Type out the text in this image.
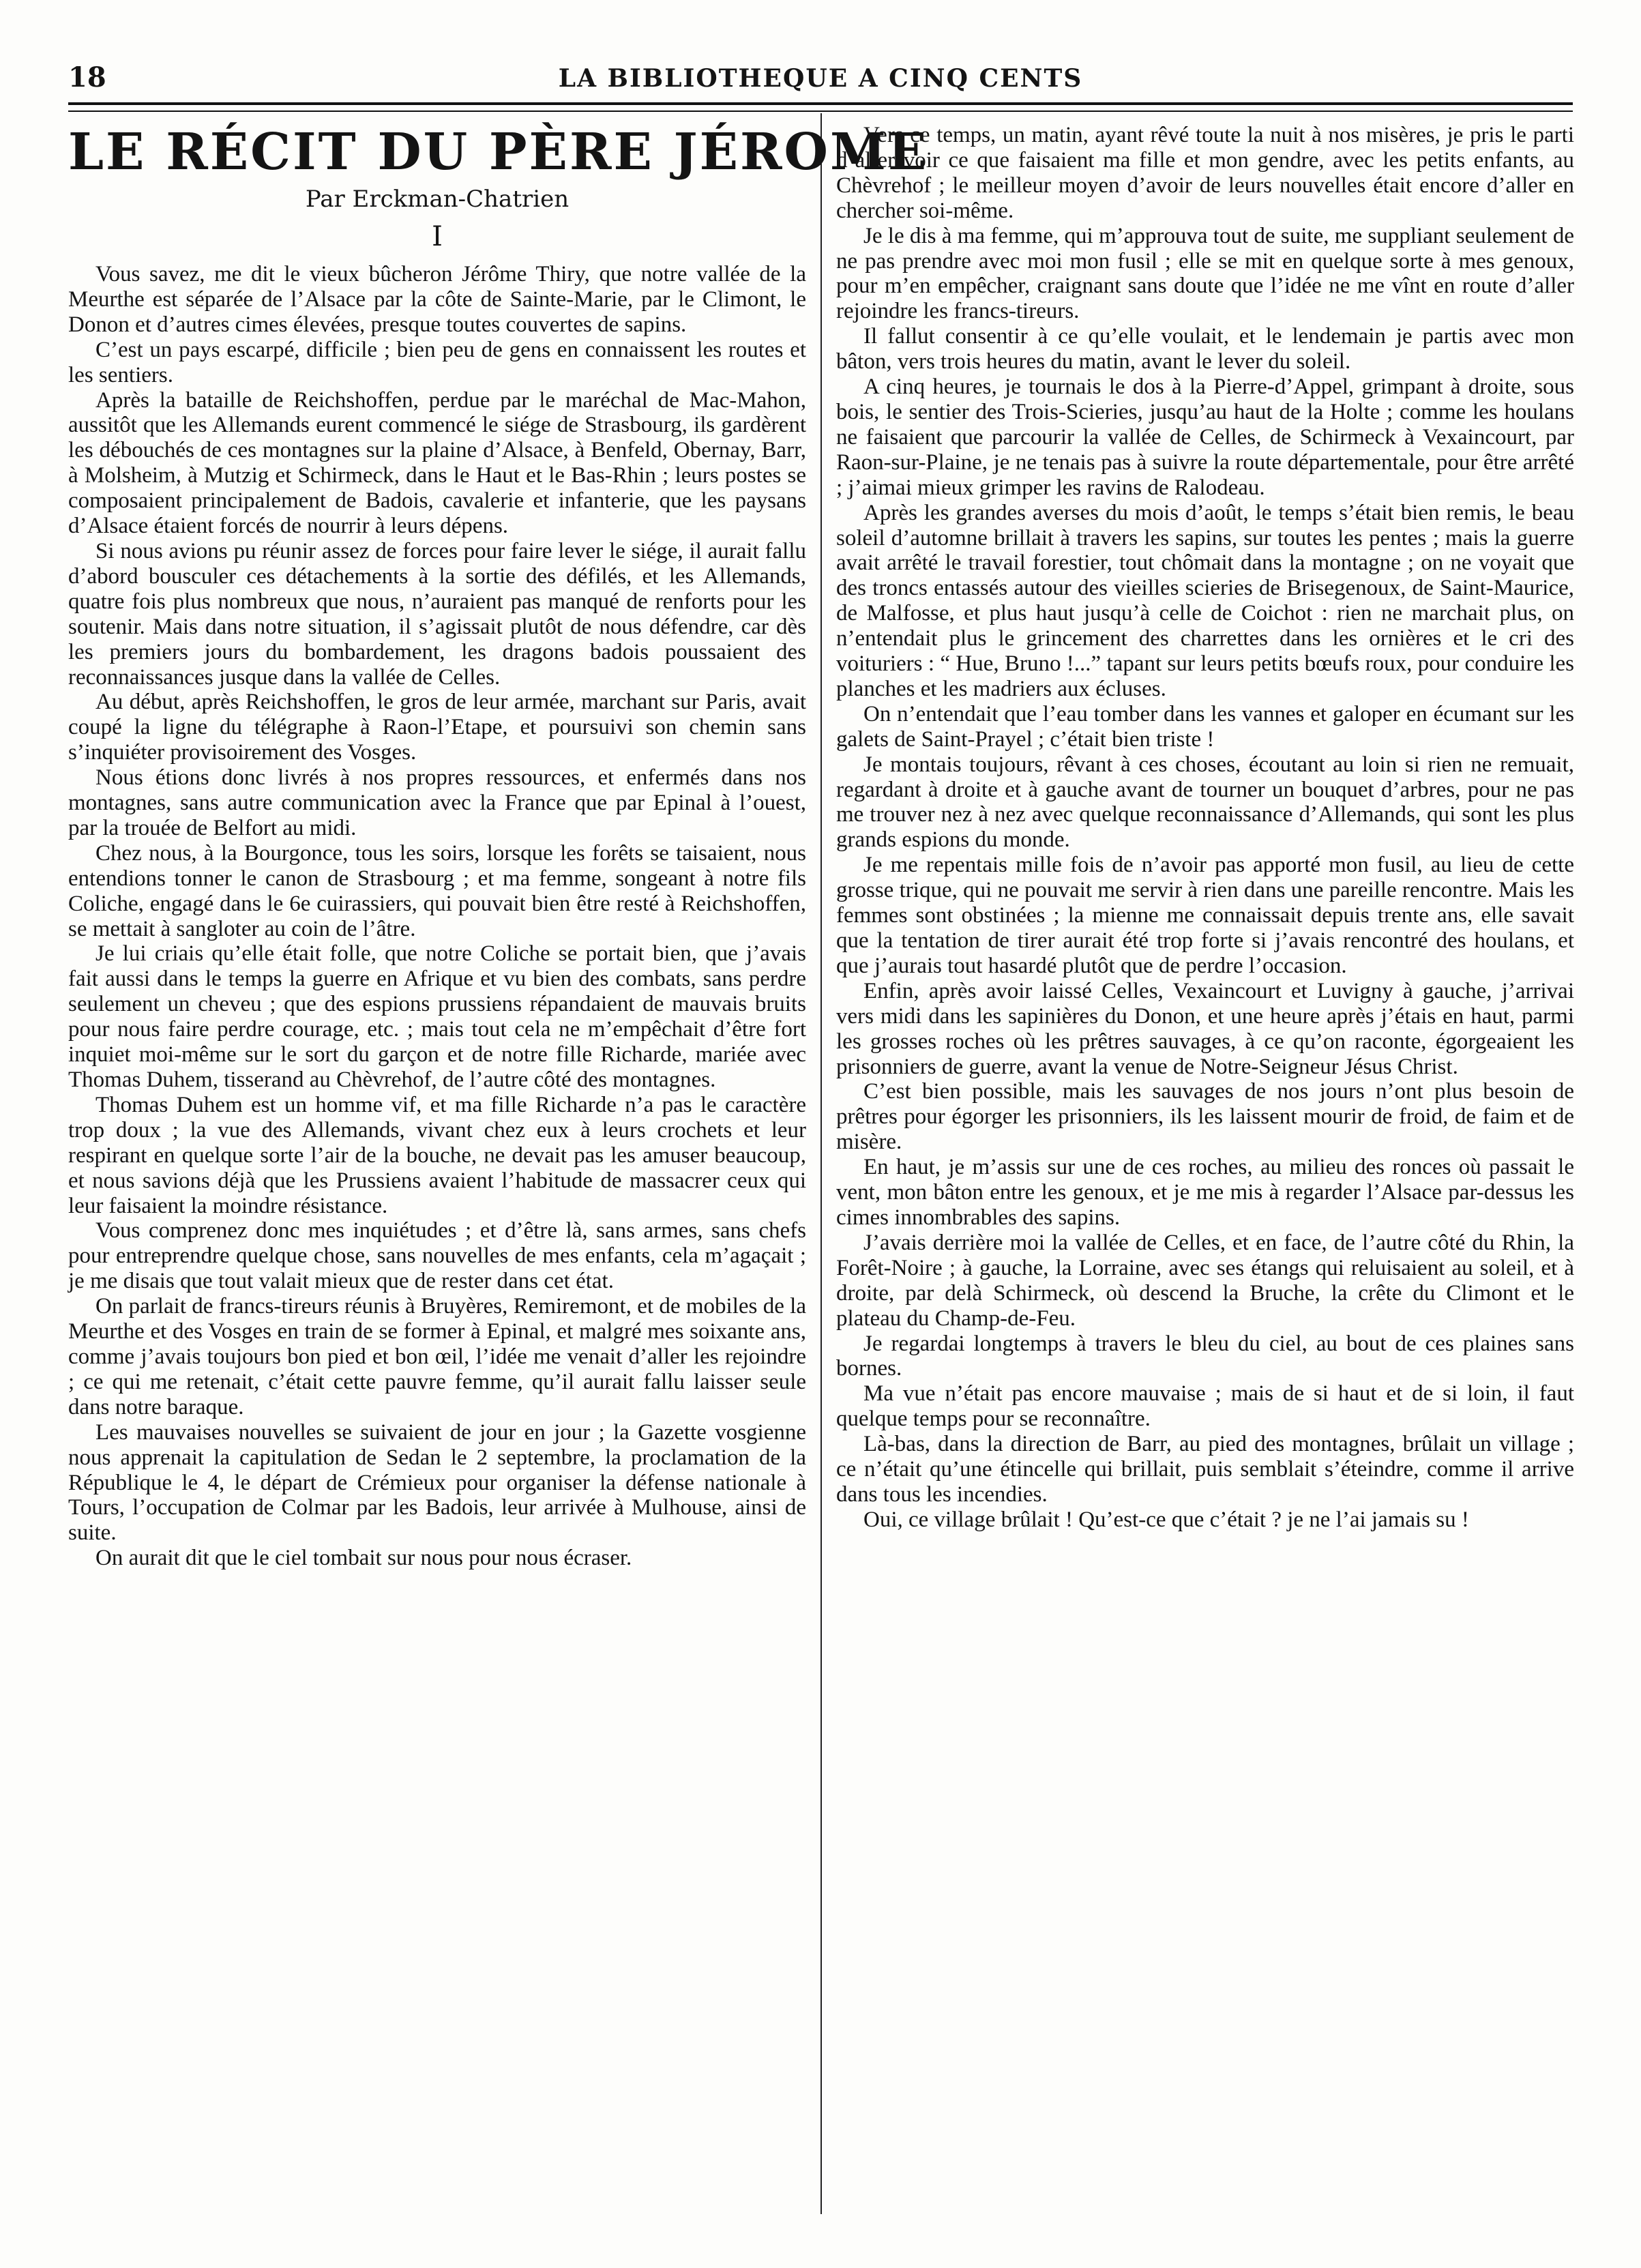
18	LA BIBLIOTHEQUE A CINQ CENTS
LE RÉCIT DU PÈRE JÉROME
Par Erckman-Chatrien
I

Vous savez, me dit le vieux bûcheron Jérôme Thiry, que notre vallée de la Meurthe est séparée de l’Alsace par la côte de Sainte-Marie, par le Climont, le Donon et d’autres cimes élevées, presque toutes couvertes de sapins.

C’est un pays escarpé, difficile ; bien peu de gens en connaissent les routes et les sentiers.

Après la bataille de Reichshoffen, perdue par le maréchal de Mac-Mahon, aussitôt que les Allemands eurent commencé le siége de Strasbourg, ils gardèrent les débouchés de ces montagnes sur la plaine d’Alsace, à Benfeld, Obernay, Barr, à Molsheim, à Mutzig et Schirmeck, dans le Haut et le Bas-Rhin ; leurs postes se composaient principalement de Badois, cavalerie et infanterie, que les paysans d’Alsace étaient forcés de nourrir à leurs dépens.

Si nous avions pu réunir assez de forces pour faire lever le siége, il aurait fallu d’abord bousculer ces détachements à la sortie des défilés, et les Allemands, quatre fois plus nombreux que nous, n’auraient pas manqué de renforts pour les soutenir. Mais dans notre situation, il s’agissait plutôt de nous défendre, car dès les premiers jours du bombardement, les dragons badois poussaient des reconnaissances jusque dans la vallée de Celles.

Au début, après Reichshoffen, le gros de leur armée, marchant sur Paris, avait coupé la ligne du télégraphe à Raon-l’Etape, et poursuivi son chemin sans s’inquiéter provisoirement des Vosges.

Nous étions donc livrés à nos propres ressources, et enfermés dans nos montagnes, sans autre communication avec la France que par Epinal à l’ouest, par la trouée de Belfort au midi.

Chez nous, à la Bourgonce, tous les soirs, lorsque les forêts se taisaient, nous entendions tonner le canon de Strasbourg ; et ma femme, songeant à notre fils Coliche, engagé dans le 6e cuirassiers, qui pouvait bien être resté à Reichshoffen, se mettait à sangloter au coin de l’âtre.

Je lui criais qu’elle était folle, que notre Coliche se portait bien, que j’avais fait aussi dans le temps la guerre en Afrique et vu bien des combats, sans perdre seulement un cheveu ; que des espions prussiens répandaient de mauvais bruits pour nous faire perdre courage, etc. ; mais tout cela ne m’empêchait d’être fort inquiet moi-même sur le sort du garçon et de notre fille Richarde, mariée avec Thomas Duhem, tisserand au Chèvrehof, de l’autre côté des montagnes.

Thomas Duhem est un homme vif, et ma fille Richarde n’a pas le caractère trop doux ; la vue des Allemands, vivant chez eux à leurs crochets et leur respirant en quelque sorte l’air de la bouche, ne devait pas les amuser beaucoup, et nous savions déjà que les Prussiens avaient l’habitude de massacrer ceux qui leur faisaient la moindre résistance.

Vous comprenez donc mes inquiétudes ; et d’être là, sans armes, sans chefs pour entreprendre quelque chose, sans nouvelles de mes enfants, cela m’agaçait ; je me disais que tout valait mieux que de rester dans cet état.

On parlait de francs-tireurs réunis à Bruyères, Remiremont, et de mobiles de la Meurthe et des Vosges en train de se former à Epinal, et malgré mes soixante ans, comme j’avais toujours bon pied et bon œil, l’idée me venait d’aller les rejoindre ; ce qui me retenait, c’était cette pauvre femme, qu’il aurait fallu laisser seule dans notre baraque.

Les mauvaises nouvelles se suivaient de jour en jour ; la Gazette vosgienne nous apprenait la capitulation de Sedan le 2 septembre, la proclamation de la République le 4, le départ de Crémieux pour organiser la défense nationale à Tours, l’occupation de Colmar par les Badois, leur arrivée à Mulhouse, ainsi de suite.

On aurait dit que le ciel tombait sur nous pour nous écraser.

Vers ce temps, un matin, ayant rêvé toute la nuit à nos misères, je pris le parti d’aller voir ce que faisaient ma fille et mon gendre, avec les petits enfants, au Chèvrehof ; le meilleur moyen d’avoir de leurs nouvelles était encore d’aller en chercher soi-même.

Je le dis à ma femme, qui m’approuva tout de suite, me suppliant seulement de ne pas prendre avec moi mon fusil ; elle se mit en quelque sorte à mes genoux, pour m’en empêcher, craignant sans doute que l’idée ne me vînt en route d’aller rejoindre les francs-tireurs.

Il fallut consentir à ce qu’elle voulait, et le lendemain je partis avec mon bâton, vers trois heures du matin, avant le lever du soleil.

A cinq heures, je tournais le dos à la Pierre-d’Appel, grimpant à droite, sous bois, le sentier des Trois-Scieries, jusqu’au haut de la Holte ; comme les houlans ne faisaient que parcourir la vallée de Celles, de Schirmeck à Vexaincourt, par Raon-sur-Plaine, je ne tenais pas à suivre la route départementale, pour être arrêté ; j’aimai mieux grimper les ravins de Ralodeau.

Après les grandes averses du mois d’août, le temps s’était bien remis, le beau soleil d’automne brillait à travers les sapins, sur toutes les pentes ; mais la guerre avait arrêté le travail forestier, tout chômait dans la montagne ; on ne voyait que des troncs entassés autour des vieilles scieries de Brisegenoux, de Saint-Maurice, de Malfosse, et plus haut jusqu’à celle de Coichot : rien ne marchait plus, on n’entendait plus le grincement des charrettes dans les ornières et le cri des voituriers : “ Hue, Bruno !...” tapant sur leurs petits bœufs roux, pour conduire les planches et les madriers aux écluses.

On n’entendait que l’eau tomber dans les vannes et galoper en écumant sur les galets de Saint-Prayel ; c’était bien triste !

Je montais toujours, rêvant à ces choses, écoutant au loin si rien ne remuait, regardant à droite et à gauche avant de tourner un bouquet d’arbres, pour ne pas me trouver nez à nez avec quelque reconnaissance d’Allemands, qui sont les plus grands espions du monde.

Je me repentais mille fois de n’avoir pas apporté mon fusil, au lieu de cette grosse trique, qui ne pouvait me servir à rien dans une pareille rencontre. Mais les femmes sont obstinées ; la mienne me connaissait depuis trente ans, elle savait que la tentation de tirer aurait été trop forte si j’avais rencontré des houlans, et que j’aurais tout hasardé plutôt que de perdre l’occasion.

Enfin, après avoir laissé Celles, Vexaincourt et Luvigny à gauche, j’arrivai vers midi dans les sapinières du Donon, et une heure après j’étais en haut, parmi les grosses roches où les prêtres sauvages, à ce qu’on raconte, égorgeaient les prisonniers de guerre, avant la venue de Notre-Seigneur Jésus Christ.

C’est bien possible, mais les sauvages de nos jours n’ont plus besoin de prêtres pour égorger les prisonniers, ils les laissent mourir de froid, de faim et de misère.

En haut, je m’assis sur une de ces roches, au milieu des ronces où passait le vent, mon bâton entre les genoux, et je me mis à regarder l’Alsace par-dessus les cimes innombrables des sapins.

J’avais derrière moi la vallée de Celles, et en face, de l’autre côté du Rhin, la Forêt-Noire ; à gauche, la Lorraine, avec ses étangs qui reluisaient au soleil, et à droite, par delà Schirmeck, où descend la Bruche, la crête du Climont et le plateau du Champ-de-Feu.

Je regardai longtemps à travers le bleu du ciel, au bout de ces plaines sans bornes.

Ma vue n’était pas encore mauvaise ; mais de si haut et de si loin, il faut quelque temps pour se reconnaître.

Là-bas, dans la direction de Barr, au pied des montagnes, brûlait un village ; ce n’était qu’une étincelle qui brillait, puis semblait s’éteindre, comme il arrive dans tous les incendies.

Oui, ce village brûlait ! Qu’est-ce que c’était ? je ne l’ai jamais su !
